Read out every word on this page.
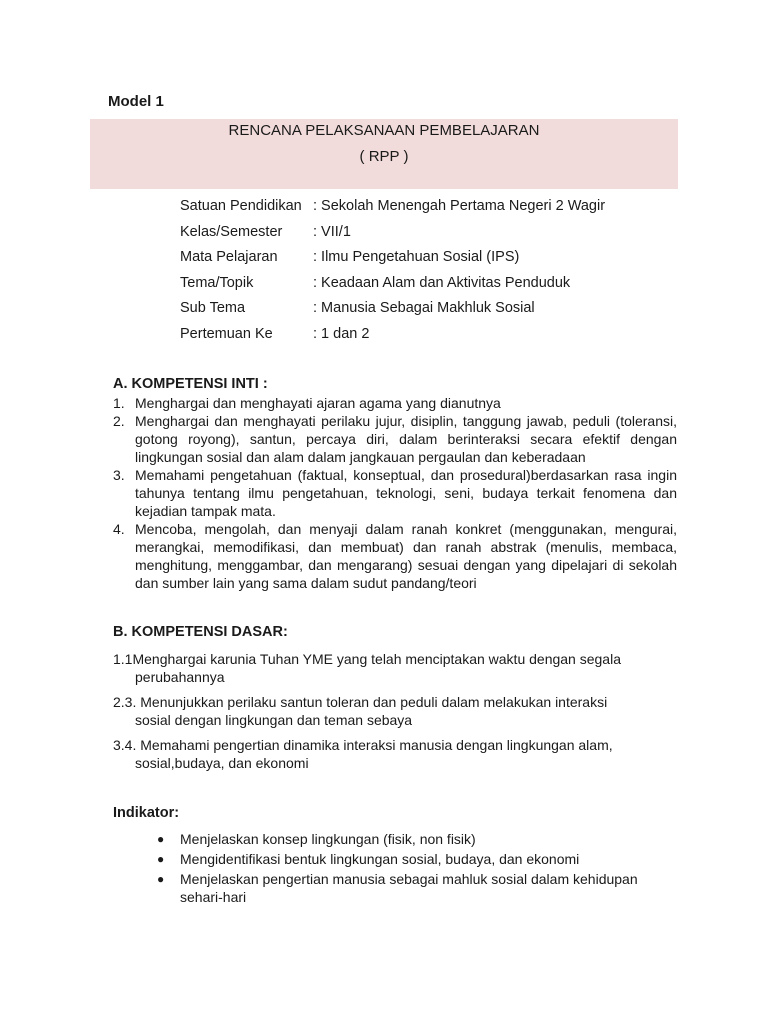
Model 1
RENCANA PELAKSANAAN PEMBELAJARAN
( RPP )
Satuan Pendidikan : Sekolah Menengah Pertama Negeri 2 Wagir
Kelas/Semester	: VII/1
Mata Pelajaran	: Ilmu Pengetahuan Sosial (IPS)
Tema/Topik	: Keadaan Alam dan Aktivitas Penduduk
Sub Tema	: Manusia Sebagai Makhluk Sosial
Pertemuan Ke	: 1 dan 2
A. KOMPETENSI INTI :
1. Menghargai dan menghayati ajaran agama yang dianutnya
2. Menghargai dan menghayati perilaku jujur, disiplin, tanggung jawab, peduli (toleransi, gotong royong), santun, percaya diri, dalam berinteraksi secara efektif dengan lingkungan sosial dan alam dalam jangkauan pergaulan dan keberadaan
3. Memahami pengetahuan (faktual, konseptual, dan prosedural)berdasarkan rasa ingin tahunya tentang ilmu pengetahuan, teknologi, seni, budaya terkait fenomena dan kejadian tampak mata.
4. Mencoba, mengolah, dan menyaji dalam ranah konkret (menggunakan, mengurai, merangkai, memodifikasi, dan membuat) dan ranah abstrak (menulis, membaca, menghitung, menggambar, dan mengarang) sesuai dengan yang dipelajari di sekolah dan sumber lain yang sama dalam sudut pandang/teori
B. KOMPETENSI DASAR:
1.1Menghargai karunia Tuhan YME yang telah menciptakan waktu dengan segala
perubahannya
2.3. Menunjukkan perilaku santun toleran dan peduli dalam melakukan interaksi
sosial dengan lingkungan dan teman sebaya
3.4. Memahami pengertian dinamika interaksi manusia dengan lingkungan alam,
sosial,budaya, dan ekonomi
Indikator:
●	Menjelaskan konsep lingkungan (fisik, non fisik)
●	Mengidentifikasi bentuk lingkungan sosial, budaya, dan ekonomi
●	Menjelaskan pengertian manusia sebagai mahluk sosial dalam kehidupan sehari-hari
